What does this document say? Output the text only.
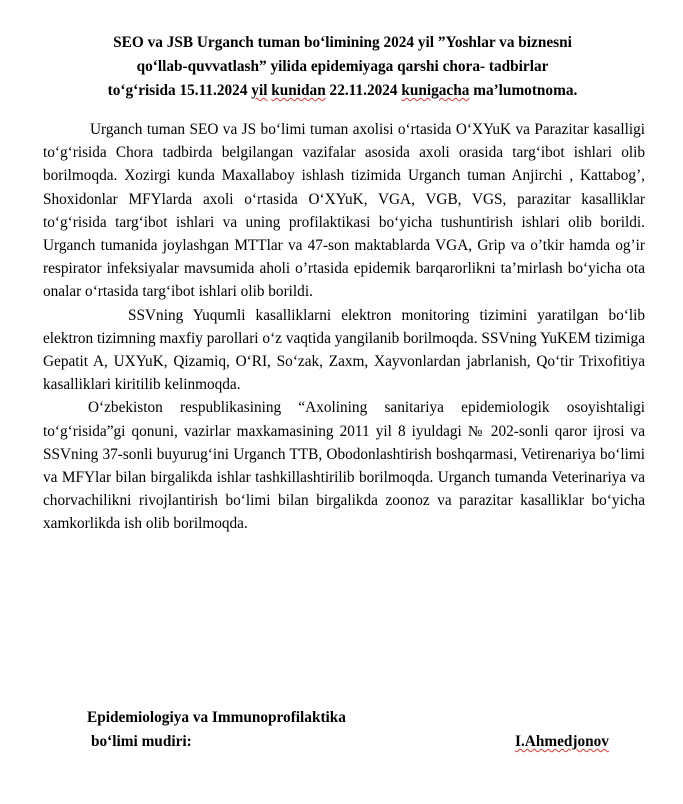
SEO va JSB Urganch tuman bo‘limining 2024 yil ”Yoshlar va biznesni
qo‘llab-quvvatlash” yilida epidemiyaga qarshi chora- tadbirlar
to‘g‘risida 15.11.2024 yil kunidan 22.11.2024 kunigacha ma’lumotnoma.

Urganch tuman SEO va JS bo‘limi tuman axolisi o‘rtasida O‘XYuK va Parazitar kasalligi to‘g‘risida Chora tadbirda belgilangan vazifalar asosida axoli orasida targ‘ibot ishlari olib borilmoqda. Xozirgi kunda Maxallaboy ishlash tizimida Urganch tuman Anjirchi , Kattabog’, Shoxidonlar MFYlarda axoli o‘rtasida O‘XYuK, VGA, VGB, VGS, parazitar kasalliklar to‘g‘risida targ‘ibot ishlari va uning profilaktikasi bo‘yicha tushuntirish ishlari olib borildi. Urganch tumanida joylashgan MTTlar va 47-son maktablarda VGA, Grip va o’tkir hamda og’ir respirator infeksiyalar mavsumida aholi o’rtasida epidemik barqarorlikni ta’mirlash bo‘yicha ota onalar o‘rtasida targ‘ibot ishlari olib borildi.

SSVning Yuqumli kasalliklarni elektron monitoring tizimini yaratilgan bo‘lib elektron tizimning maxfiy parollari o‘z vaqtida yangilanib borilmoqda. SSVning YuKEM tizimiga Gepatit A, UXYuK, Qizamiq, O‘RI, So‘zak, Zaxm, Xayvonlardan jabrlanish, Qo‘tir Trixofitiya kasalliklari kiritilib kelinmoqda.

O‘zbekiston respublikasining “Axolining sanitariya epidemiologik osoyishtaligi to‘g‘risida”gi qonuni, vazirlar maxkamasining 2011 yil 8 iyuldagi № 202-sonli qaror ijrosi va SSVning 37-sonli buyurug‘ini Urganch TTB, Obodonlashtirish boshqarmasi, Vetirenariya bo‘limi va MFYlar bilan birgalikda ishlar tashkillashtirilib borilmoqda. Urganch tumanda Veterinariya va chorvachilikni rivojlantirish bo‘limi bilan birgalikda zoonoz va parazitar kasalliklar bo‘yicha xamkorlikda ish olib borilmoqda.

Epidemiologiya va Immunoprofilaktika
bo‘limi mudiri:	I.Ahmedjonov
